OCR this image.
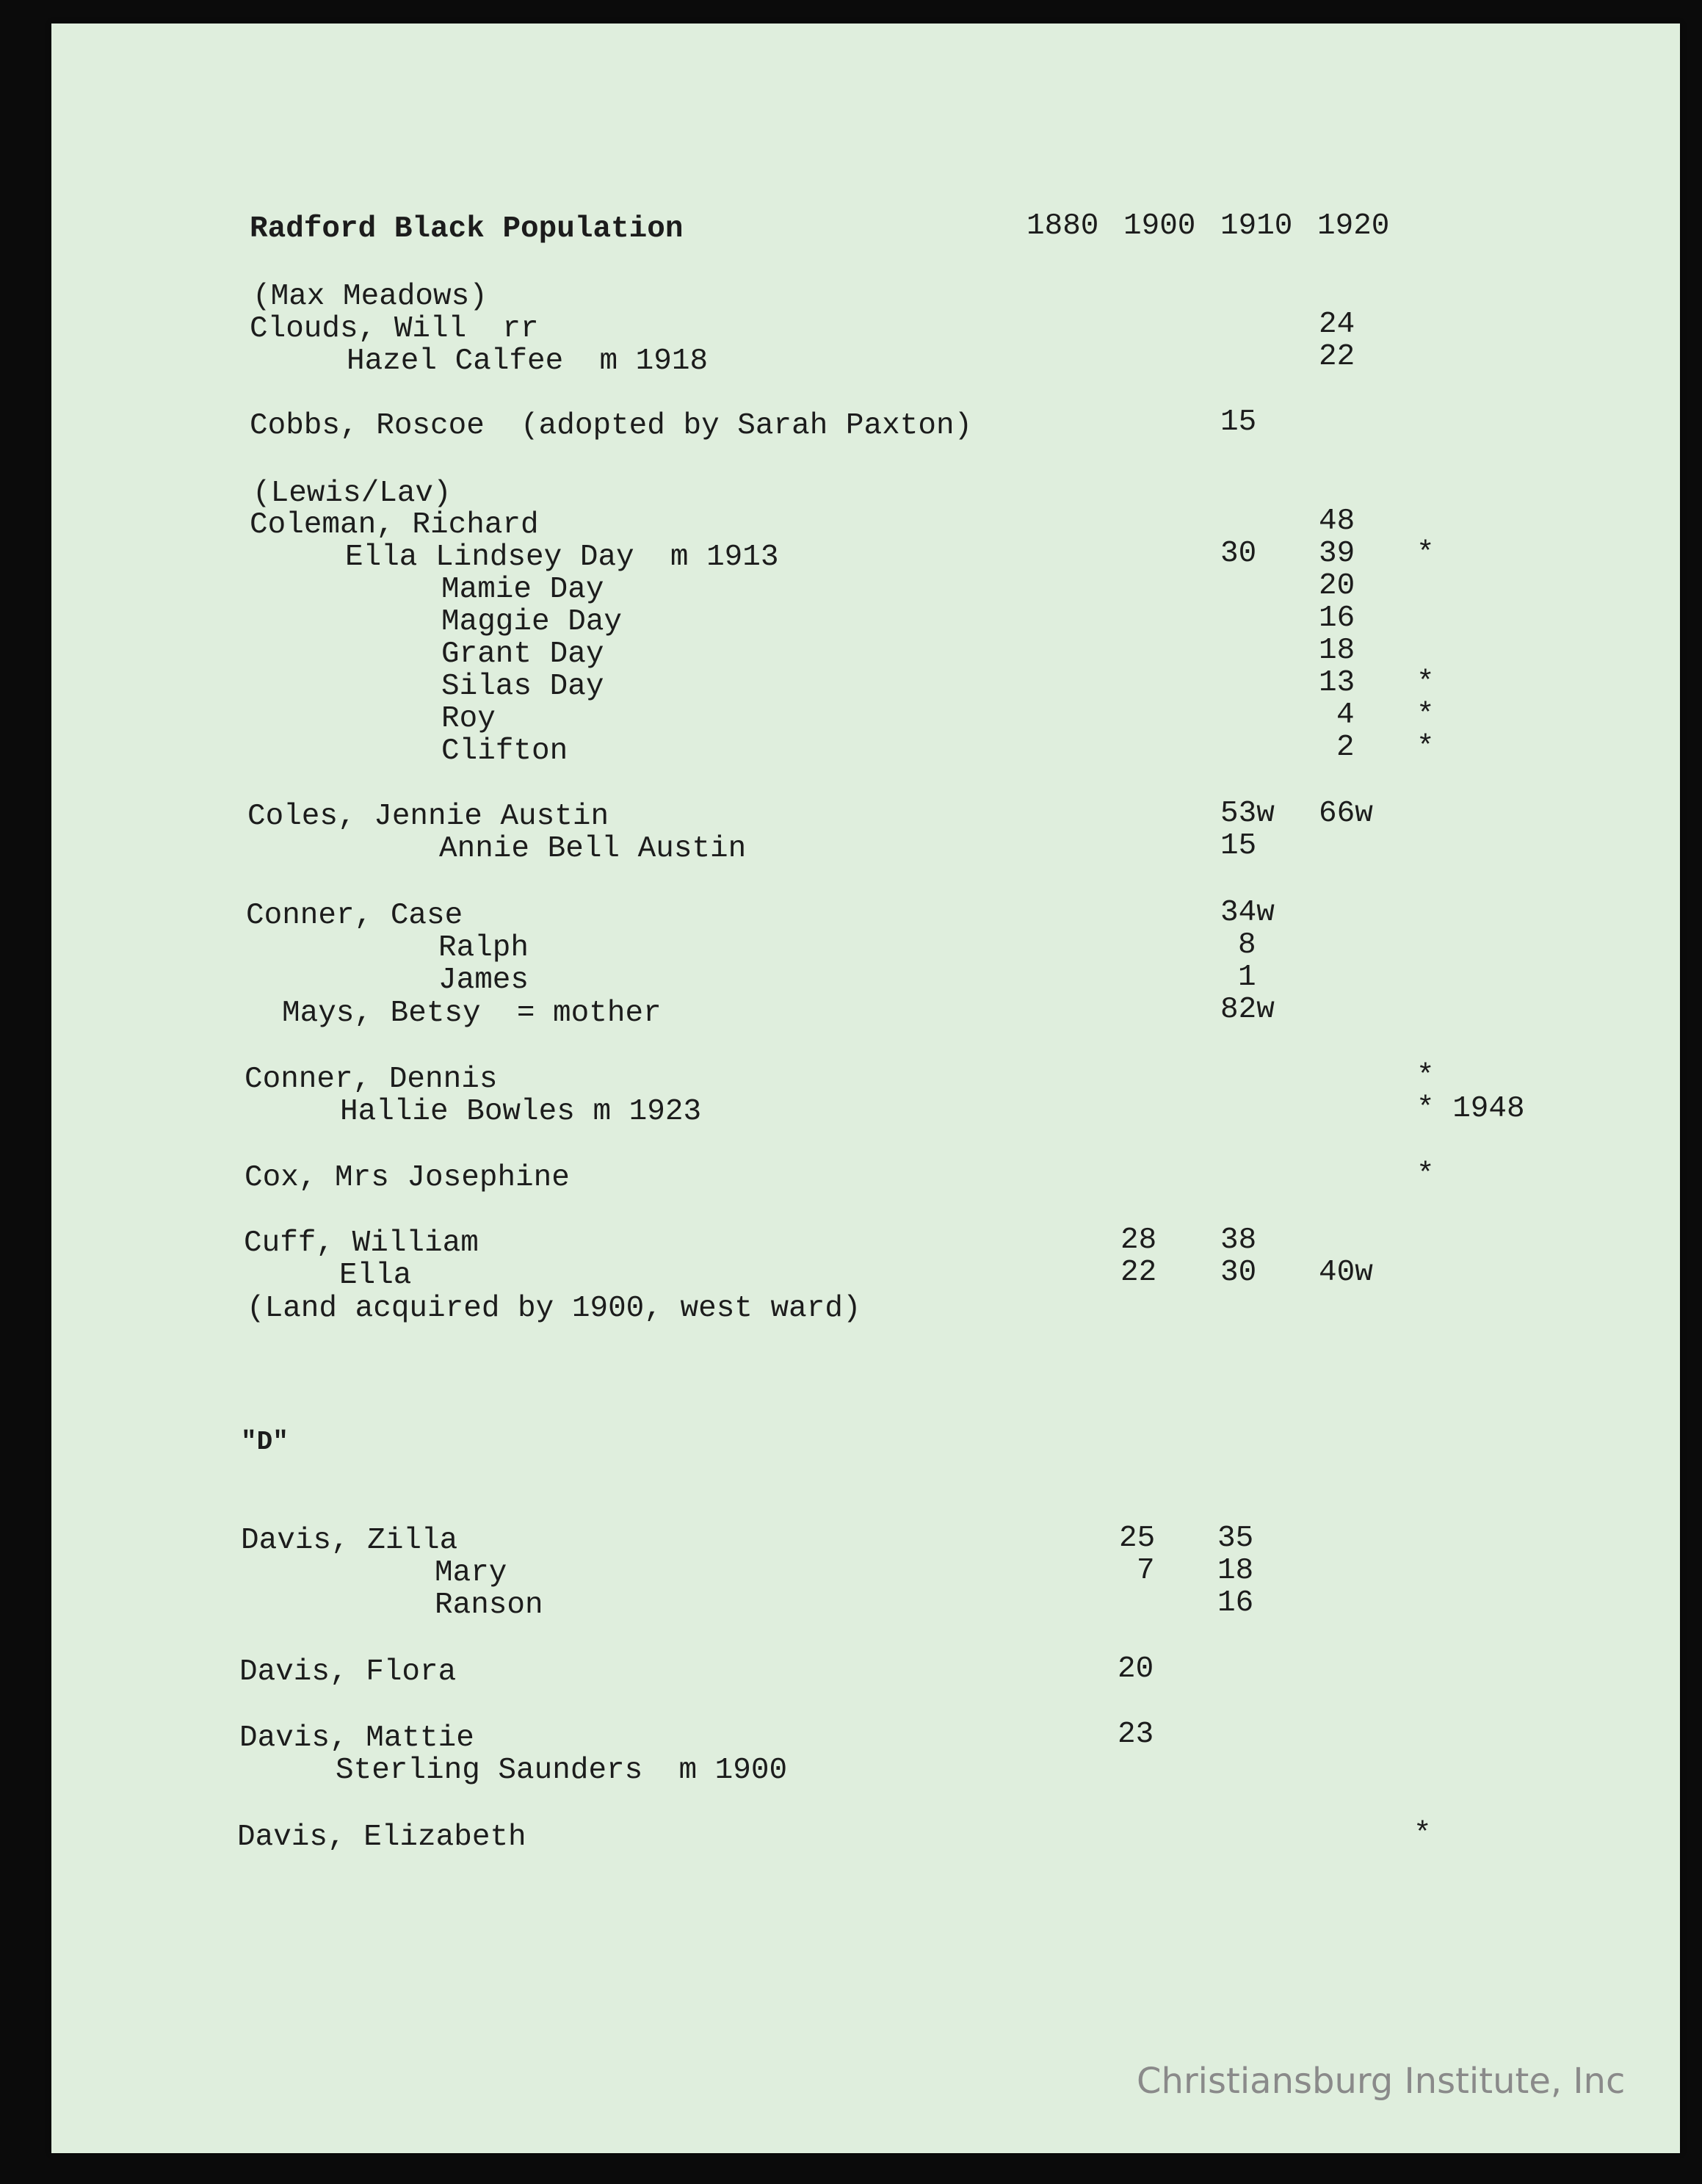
Radford Black Population	1880 1900 1910 1920
(Max Meadows)
Clouds, Will  rr
Hazel Calfee  m 1918
Cobbs, Roscoe  (adopted by Sarah Paxton)
(Lewis/Lav)
Coleman, Richard
Ella Lindsey Day  m 1913
Mamie Day
Maggie Day
Grant Day
Silas Day
Roy
Clifton
Coles, Jennie Austin
Annie Bell Austin
Conner, Case
Ralph
James
Mays, Betsy  = mother
Conner, Dennis
Hallie Bowles m 1923
Cox, Mrs Josephine
Cuff, William
Ella
(Land acquired by 1900, west ward)
"D"
Davis, Zilla
Mary
Ranson
Davis, Flora
Davis, Mattie
Sterling Saunders  m 1900
Davis, Elizabeth
24
22
15
48
30 39 *
20
16
18
13 *
4 *
2 *
53w 66w
15
34w
8
1
82w
*
* 1948
*
28 38
22 30 40w
25 35
7 18
16
20
23
*
Christiansburg Institute, Inc
